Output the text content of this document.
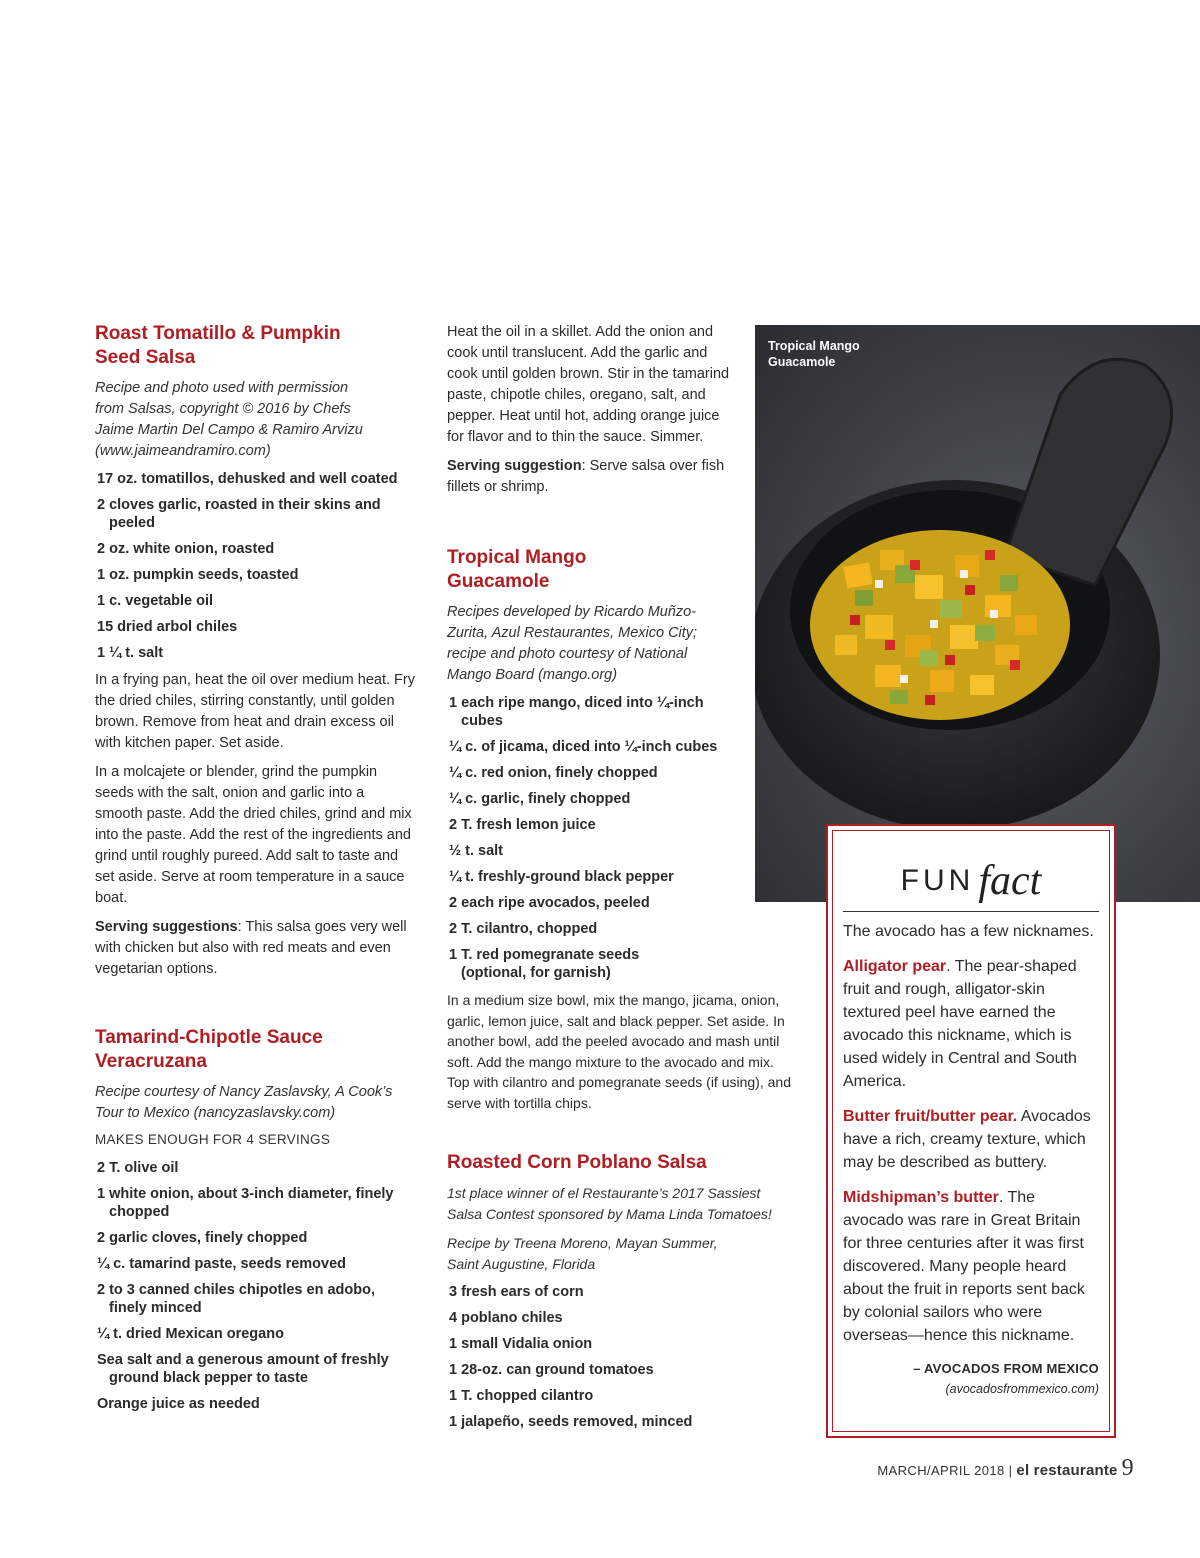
Roast Tomatillo & Pumpkin Seed Salsa

Recipe and photo used with permission from Salsas, copyright © 2016 by Chefs Jaime Martin Del Campo & Ramiro Arvizu (www.jaimeandramiro.com)

17 oz. tomatillos, dehusked and well coated
2 cloves garlic, roasted in their skins and peeled
2 oz. white onion, roasted
1 oz. pumpkin seeds, toasted
1 c. vegetable oil
15 dried arbol chiles
1 ¼ t. salt

In a frying pan, heat the oil over medium heat. Fry the dried chiles, stirring constantly, until golden brown. Remove from heat and drain excess oil with kitchen paper. Set aside.

In a molcajete or blender, grind the pumpkin seeds with the salt, onion and garlic into a smooth paste. Add the dried chiles, grind and mix into the paste. Add the rest of the ingredients and grind until roughly pureed. Add salt to taste and set aside. Serve at room temperature in a sauce boat.

Serving suggestions: This salsa goes very well with chicken but also with red meats and even vegetarian options.

Tamarind-Chipotle Sauce Veracruzana

Recipe courtesy of Nancy Zaslavsky, A Cook’s Tour to Mexico (nancyzaslavsky.com)

MAKES ENOUGH FOR 4 SERVINGS

2 T. olive oil
1 white onion, about 3-inch diameter, finely chopped
2 garlic cloves, finely chopped
¼ c. tamarind paste, seeds removed
2 to 3 canned chiles chipotles en adobo, finely minced
¼ t. dried Mexican oregano
Sea salt and a generous amount of freshly ground black pepper to taste
Orange juice as needed

Heat the oil in a skillet. Add the onion and cook until translucent. Add the garlic and cook until golden brown. Stir in the tamarind paste, chipotle chiles, oregano, salt, and pepper. Heat until hot, adding orange juice for flavor and to thin the sauce. Simmer.

Serving suggestion: Serve salsa over fish fillets or shrimp.

Tropical Mango Guacamole

Recipes developed by Ricardo Muñzo-Zurita, Azul Restaurantes, Mexico City; recipe and photo courtesy of National Mango Board (mango.org)

1 each ripe mango, diced into ¼-inch cubes
¼ c. of jicama, diced into ¼-inch cubes
¼ c. red onion, finely chopped
¼ c. garlic, finely chopped
2 T. fresh lemon juice
½ t. salt
¼ t. freshly-ground black pepper
2 each ripe avocados, peeled
2 T. cilantro, chopped
1 T. red pomegranate seeds (optional, for garnish)

In a medium size bowl, mix the mango, jicama, onion, garlic, lemon juice, salt and black pepper. Set aside. In another bowl, add the peeled avocado and mash until soft. Add the mango mixture to the avocado and mix. Top with cilantro and pomegranate seeds (if using), and serve with tortilla chips.

Roasted Corn Poblano Salsa

1st place winner of el Restaurante’s 2017 Sassiest Salsa Contest sponsored by Mama Linda Tomatoes!

Recipe by Treena Moreno, Mayan Summer, Saint Augustine, Florida

3 fresh ears of corn
4 poblano chiles
1 small Vidalia onion
1 28-oz. can ground tomatoes
1 T. chopped cilantro
1 jalapeño, seeds removed, minced
Tropical Mango Guacamole
FUNfact

The avocado has a few nicknames.

Alligator pear. The pear-shaped fruit and rough, alligator-skin textured peel have earned the avocado this nickname, which is used widely in Central and South America.

Butter fruit/butter pear. Avocados have a rich, creamy texture, which may be described as buttery.

Midshipman’s butter. The avocado was rare in Great Britain for three centuries after it was first discovered. Many people heard about the fruit in reports sent back by colonial sailors who were overseas—hence this nickname.

– AVOCADOS FROM MEXICO
(avocadosfrommexico.com)
MARCH/APRIL 2018 | el restaurante 9
